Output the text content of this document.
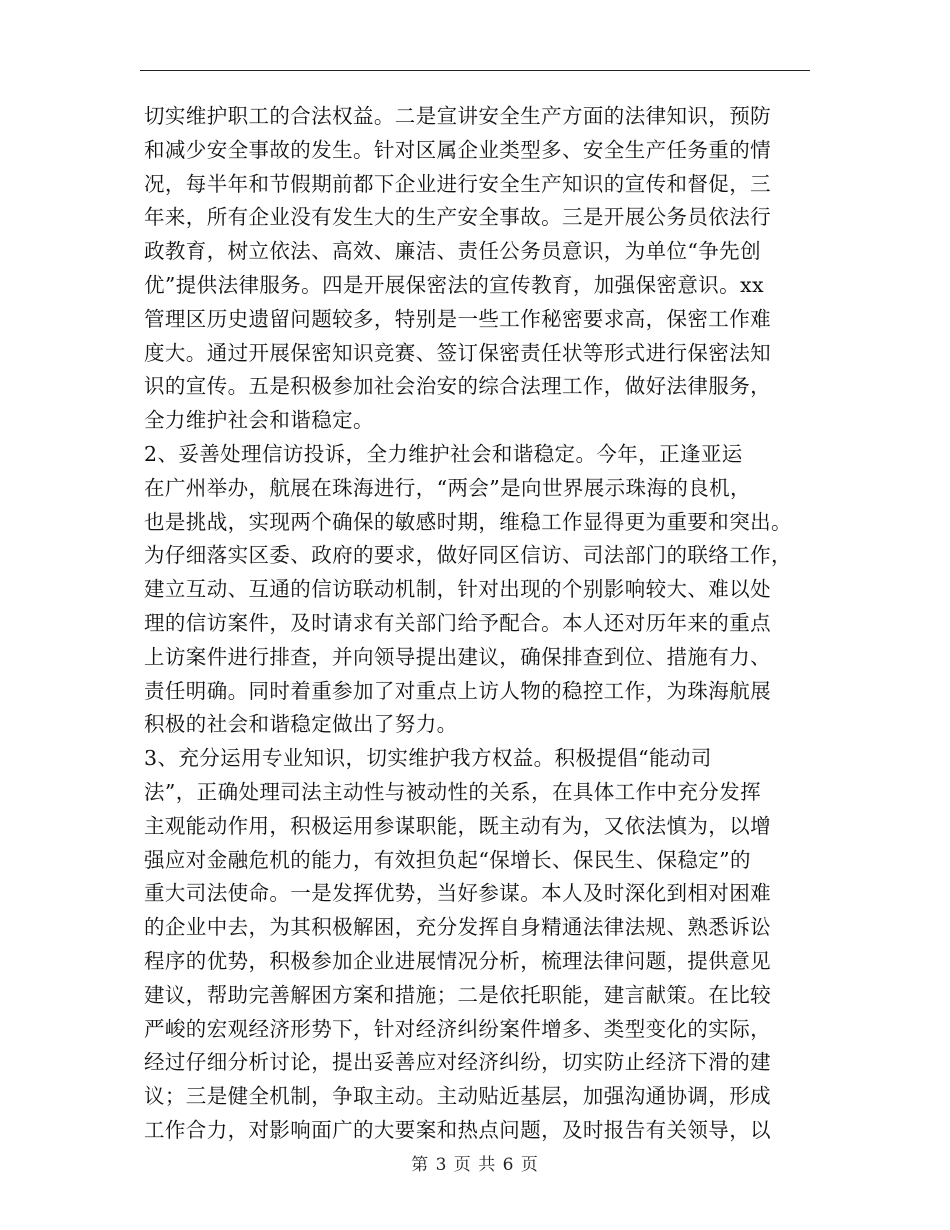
切实维护职工的合法权益。二是宣讲安全生产方面的法律知识，预防
和减少安全事故的发生。针对区属企业类型多、安全生产任务重的情
况，每半年和节假期前都下企业进行安全生产知识的宣传和督促，三
年来，所有企业没有发生大的生产安全事故。三是开展公务员依法行
政教育，树立依法、高效、廉洁、责任公务员意识，为单位“争先创
优”提供法律服务。四是开展保密法的宣传教育，加强保密意识。xx
管理区历史遗留问题较多，特别是一些工作秘密要求高，保密工作难
度大。通过开展保密知识竞赛、签订保密责任状等形式进行保密法知
识的宣传。五是积极参加社会治安的综合法理工作，做好法律服务，
全力维护社会和谐稳定。
2、妥善处理信访投诉，全力维护社会和谐稳定。今年，正逢亚运
在广州举办，航展在珠海进行，“两会”是向世界展示珠海的良机，
也是挑战，实现两个确保的敏感时期，维稳工作显得更为重要和突出。
为仔细落实区委、政府的要求，做好同区信访、司法部门的联络工作，
建立互动、互通的信访联动机制，针对出现的个别影响较大、难以处
理的信访案件，及时请求有关部门给予配合。本人还对历年来的重点
上访案件进行排查，并向领导提出建议，确保排查到位、措施有力、
责任明确。同时着重参加了对重点上访人物的稳控工作，为珠海航展
积极的社会和谐稳定做出了努力。
3、充分运用专业知识，切实维护我方权益。积极提倡“能动司
法”，正确处理司法主动性与被动性的关系，在具体工作中充分发挥
主观能动作用，积极运用参谋职能，既主动有为，又依法慎为，以增
强应对金融危机的能力，有效担负起“保增长、保民生、保稳定”的
重大司法使命。一是发挥优势，当好参谋。本人及时深化到相对困难
的企业中去，为其积极解困，充分发挥自身精通法律法规、熟悉诉讼
程序的优势，积极参加企业进展情况分析，梳理法律问题，提供意见
建议，帮助完善解困方案和措施；二是依托职能，建言献策。在比较
严峻的宏观经济形势下，针对经济纠纷案件增多、类型变化的实际，
经过仔细分析讨论，提出妥善应对经济纠纷，切实防止经济下滑的建
议；三是健全机制，争取主动。主动贴近基层，加强沟通协调，形成
工作合力，对影响面广的大要案和热点问题，及时报告有关领导，以
第 3 页 共 6 页
